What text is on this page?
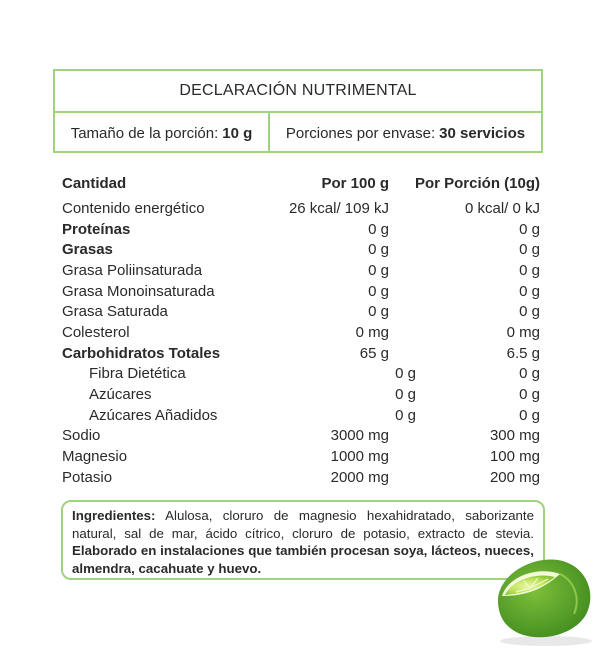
DECLARACIÓN NUTRIMENTAL
Tamaño de la porción: 10 g Porciones por envase: 30 servicios
Cantidad	Por 100 g	Por Porción (10g)
Contenido energético	26 kcal/ 109 kJ	0 kcal/ 0 kJ
Proteínas	0 g	0 g
Grasas	0 g	0 g
Grasa Poliinsaturada	0 g	0 g
Grasa Monoinsaturada	0 g	0 g
Grasa Saturada	0 g	0 g
Colesterol	0 mg	0 mg
Carbohidratos Totales	65 g	6.5 g
Fibra Dietética	0 g	0 g
Azúcares	0 g	0 g
Azúcares Añadidos	0 g	0 g
Sodio	3000 mg	300 mg
Magnesio	1000 mg	100 mg
Potasio	2000 mg	200 mg
Ingredientes: Alulosa, cloruro de magnesio hexahidratado, saborizante natural, sal de mar, ácido cítrico, cloruro de potasio, extracto de stevia. Elaborado en instalaciones que también procesan soya, lácteos, nueces, almendra, cacahuate y huevo.
